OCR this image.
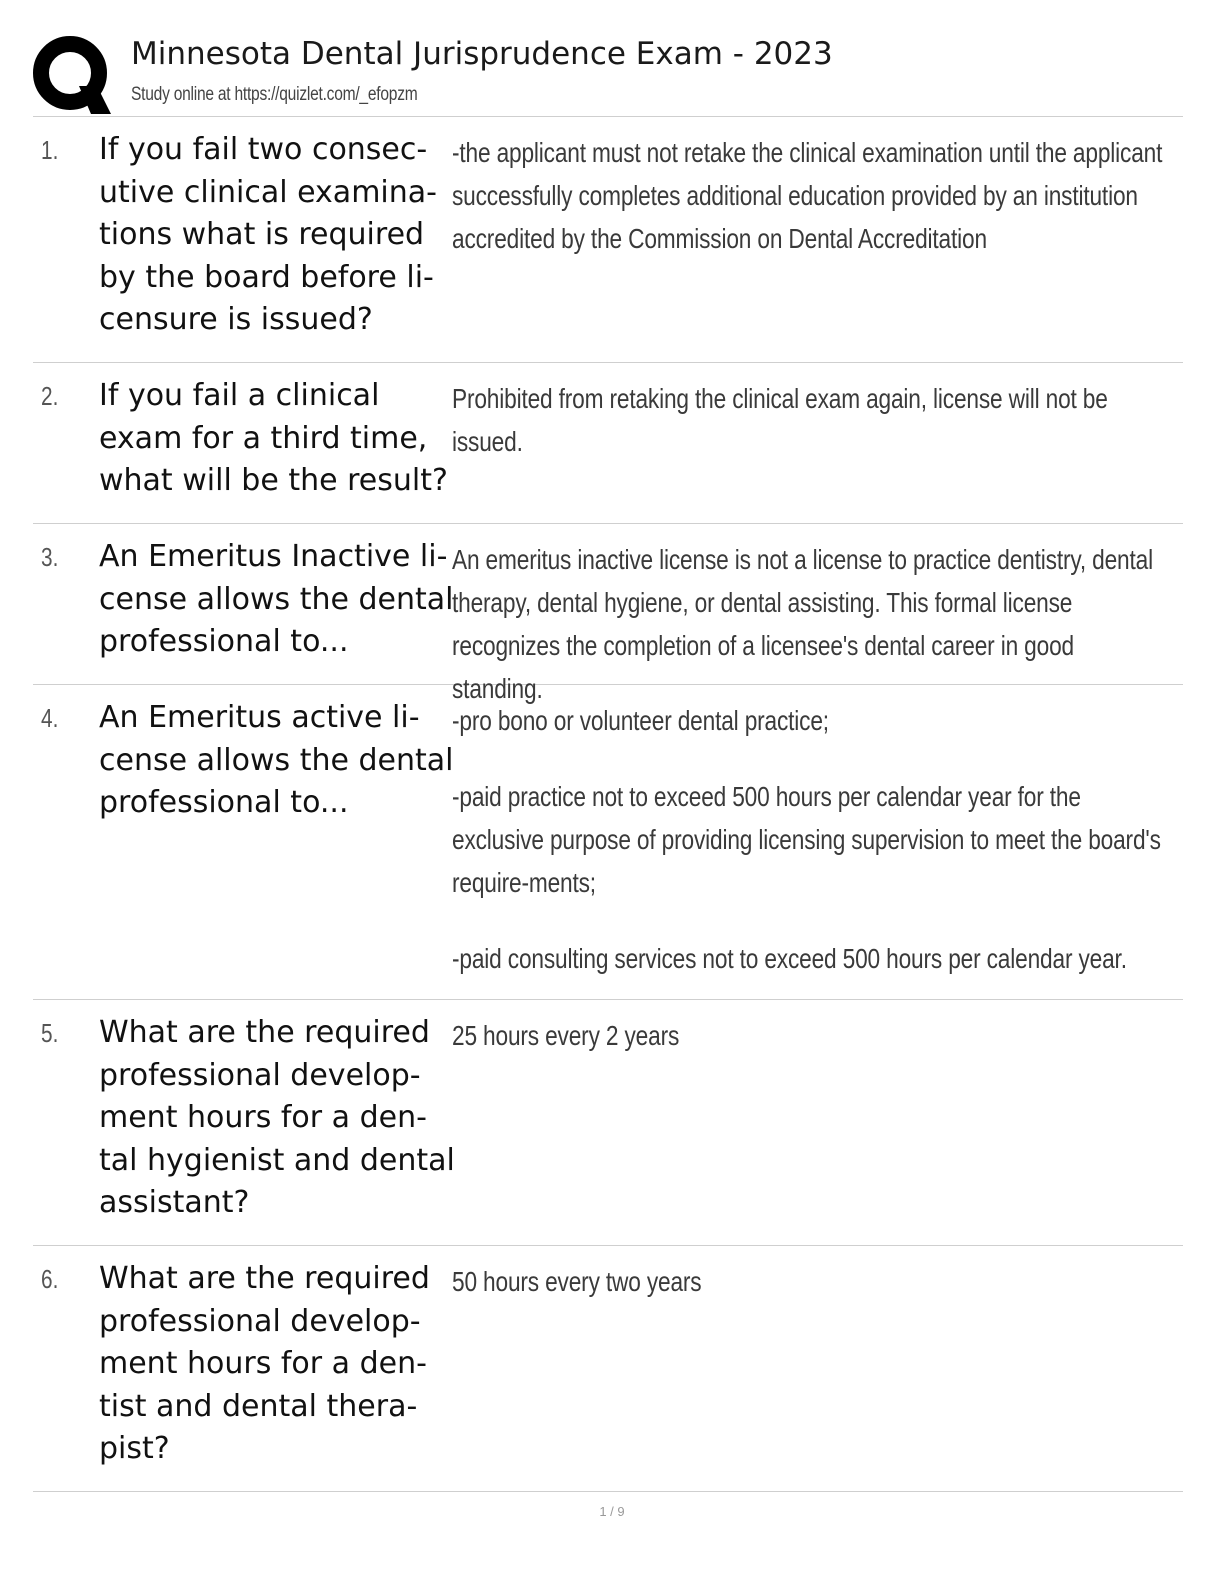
Minnesota Dental Jurisprudence Exam - 2023
Study online at https://quizlet.com/_efopzm
1. If you fail two consec-
utive clinical examina-
tions what is required
by the board before li-
censure is issued?

-the applicant must not retake the clinical examination until the applicant successfully completes additional education provided by an institution accredited by the Commission on Dental Accreditation

2. If you fail a clinical
exam for a third time,
what will be the result?

Prohibited from retaking the clinical exam again, license will not be issued.

3. An Emeritus Inactive li-
cense allows the dental
professional to...

An emeritus inactive license is not a license to practice dentistry, dental therapy, dental hygiene, or dental assisting. This formal license recognizes the completion of a licensee's dental career in good standing.

4. An Emeritus active li-
cense allows the dental
professional to...

-pro bono or volunteer dental practice;

-paid practice not to exceed 500 hours per calendar year for the exclusive purpose of providing licensing supervision to meet the board's require-ments;

-paid consulting services not to exceed 500 hours per calendar year.

5. What are the required
professional develop-
ment hours for a den-
tal hygienist and dental
assistant?

25 hours every 2 years

6. What are the required
professional develop-
ment hours for a den-
tist and dental thera-
pist?

50 hours every two years

1 / 9
